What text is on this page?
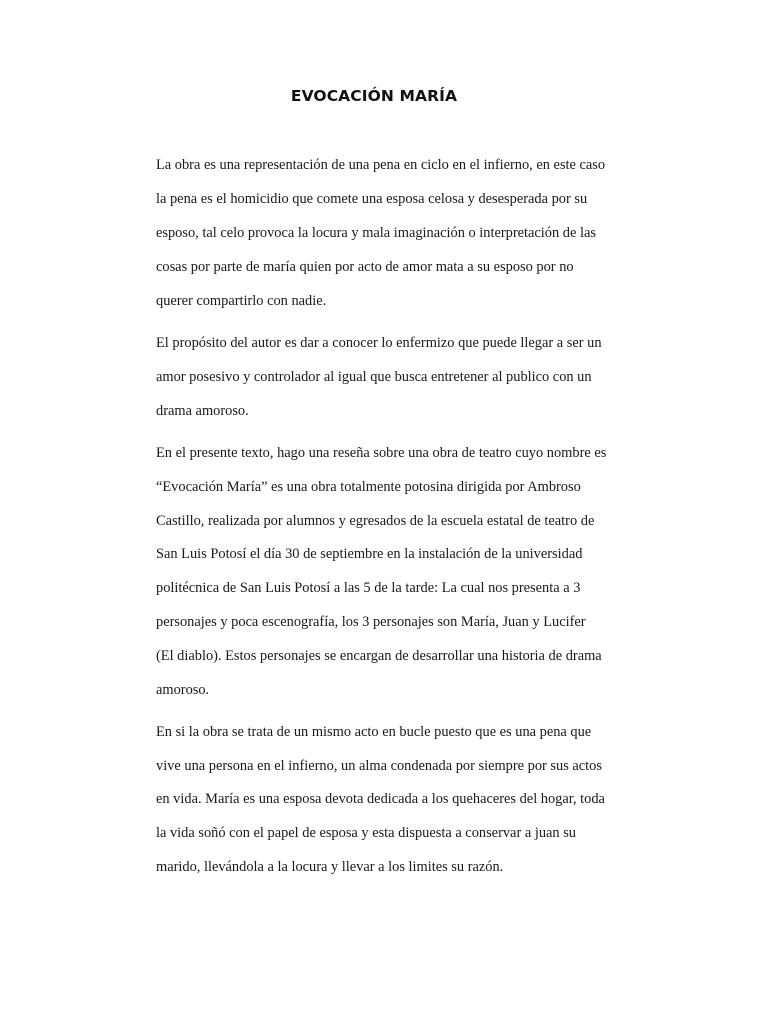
EVOCACIÓN MARÍA

La obra es una representación de una pena en ciclo en el infierno, en este caso

la pena es el homicidio que comete una esposa celosa y desesperada por su

esposo, tal celo provoca la locura y mala imaginación o interpretación de las

cosas por parte de maría quien por acto de amor mata a su esposo por no

querer compartirlo con nadie.

El propósito del autor es dar a conocer lo enfermizo que puede llegar a ser un

amor posesivo y controlador al igual que busca entretener al publico con un

drama amoroso.

En el presente texto, hago una reseña sobre una obra de teatro cuyo nombre es

“Evocación María” es una obra totalmente potosina dirigida por Ambroso

Castillo, realizada por alumnos y egresados de la escuela estatal de teatro de

San Luis Potosí el día 30 de septiembre en la instalación de la universidad

politécnica de San Luis Potosí a las 5 de la tarde: La cual nos presenta a 3

personajes y poca escenografía, los 3 personajes son María, Juan y Lucifer

(El diablo). Estos personajes se encargan de desarrollar una historia de drama

amoroso.

En si la obra se trata de un mismo acto en bucle puesto que es una pena que

vive una persona en el infierno, un alma condenada por siempre por sus actos

en vida. María es una esposa devota dedicada a los quehaceres del hogar, toda

la vida soñó con el papel de esposa y esta dispuesta a conservar a juan su

marido, llevándola a la locura y llevar a los limites su razón.
